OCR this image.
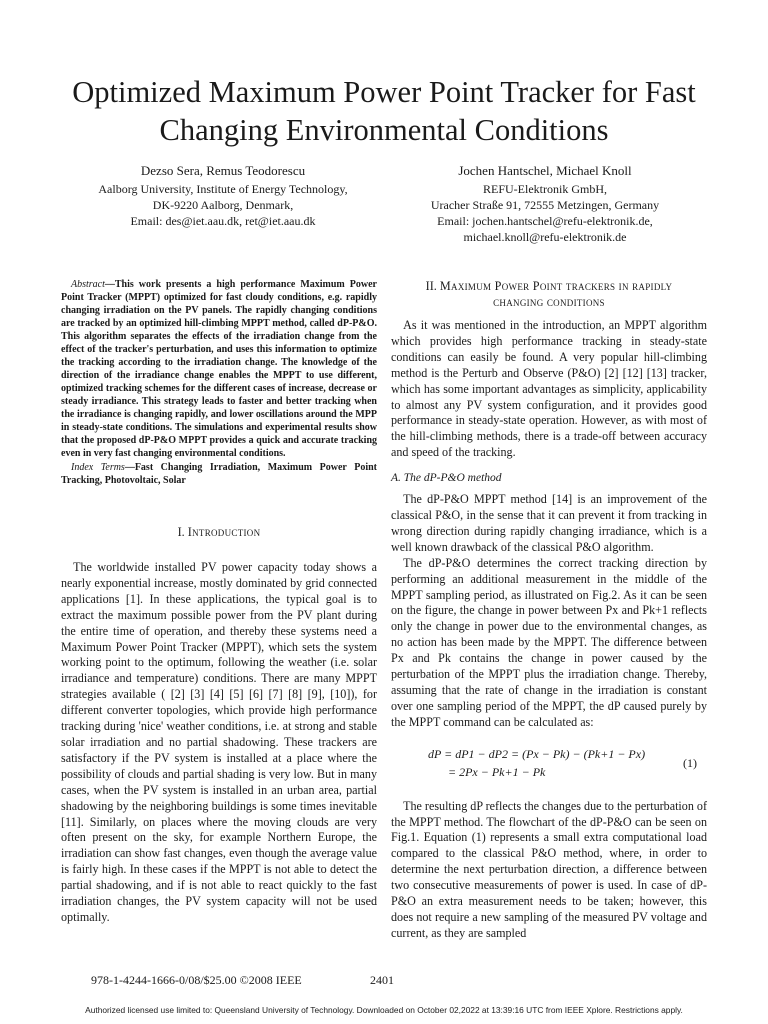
Optimized Maximum Power Point Tracker for Fast Changing Environmental Conditions
Dezso Sera, Remus Teodorescu
Aalborg University, Institute of Energy Technology,
DK-9220 Aalborg, Denmark,
Email: des@iet.aau.dk, ret@iet.aau.dk
Jochen Hantschel, Michael Knoll
REFU-Elektronik GmbH,
Uracher Straße 91, 72555 Metzingen, Germany
Email: jochen.hantschel@refu-elektronik.de,
michael.knoll@refu-elektronik.de

Abstract—This work presents a high performance Maximum Power Point Tracker (MPPT) optimized for fast cloudy conditions, e.g. rapidly changing irradiation on the PV panels. The rapidly changing conditions are tracked by an optimized hill-climbing MPPT method, called dP-P&O. This algorithm separates the effects of the irradiation change from the effect of the tracker's perturbation, and uses this information to optimize the tracking according to the irradiation change. The knowledge of the direction of the irradiance change enables the MPPT to use different, optimized tracking schemes for the different cases of increase, decrease or steady irradiance. This strategy leads to faster and better tracking when the irradiance is changing rapidly, and lower oscillations around the MPP in steady-state conditions. The simulations and experimental results show that the proposed dP-P&O MPPT provides a quick and accurate tracking even in very fast changing environmental conditions.

Index Terms—Fast Changing Irradiation, Maximum Power Point Tracking, Photovoltaic, Solar

I. Introduction

The worldwide installed PV power capacity today shows a nearly exponential increase, mostly dominated by grid connected applications [1]. In these applications, the typical goal is to extract the maximum possible power from the PV plant during the entire time of operation, and thereby these systems need a Maximum Power Point Tracker (MPPT), which sets the system working point to the optimum, following the weather (i.e. solar irradiance and temperature) conditions. There are many MPPT strategies available ( [2] [3] [4] [5] [6] [7] [8] [9], [10]), for different converter topologies, which provide high performance tracking during 'nice' weather conditions, i.e. at strong and stable solar irradiation and no partial shadowing. These trackers are satisfactory if the PV system is installed at a place where the possibility of clouds and partial shading is very low. But in many cases, when the PV system is installed in an urban area, partial shadowing by the neighboring buildings is some times inevitable [11]. Similarly, on places where the moving clouds are very often present on the sky, for example Northern Europe, the irradiation can show fast changes, even though the average value is fairly high. In these cases if the MPPT is not able to detect the partial shadowing, and if is not able to react quickly to the fast irradiation changes, the PV system capacity will not be used optimally.

II. Maximum Power Point trackers in rapidly
changing conditions

As it was mentioned in the introduction, an MPPT algorithm which provides high performance tracking in steady-state conditions can easily be found. A very popular hill-climbing method is the Perturb and Observe (P&O) [2] [12] [13] tracker, which has some important advantages as simplicity, applicability to almost any PV system configuration, and it provides good performance in steady-state operation. However, as with most of the hill-climbing methods, there is a trade-off between accuracy and speed of the tracking.

A. The dP-P&O method

The dP-P&O MPPT method [14] is an improvement of the classical P&O, in the sense that it can prevent it from tracking in wrong direction during rapidly changing irradiance, which is a well known drawback of the classical P&O algorithm.

The dP-P&O determines the correct tracking direction by performing an additional measurement in the middle of the MPPT sampling period, as illustrated on Fig.2. As it can be seen on the figure, the change in power between Px and Pk+1 reflects only the change in power due to the environmental changes, as no action has been made by the MPPT. The difference between Px and Pk contains the change in power caused by the perturbation of the MPPT plus the irradiation change. Thereby, assuming that the rate of change in the irradiation is constant over one sampling period of the MPPT, the dP caused purely by the MPPT command can be calculated as:

dP = dP1 − dP2 = (Px − Pk) − (Pk+1 − Px)
= 2Px − Pk+1 − Pk
(1)

The resulting dP reflects the changes due to the perturbation of the MPPT method. The flowchart of the dP-P&O can be seen on Fig.1. Equation (1) represents a small extra computational load compared to the classical P&O method, where, in order to determine the next perturbation direction, a difference between two consecutive measurements of power is used. In case of dP-P&O an extra measurement needs to be taken; however, this does not require a new sampling of the measured PV voltage and current, as they are sampled

978-1-4244-1666-0/08/$25.00 ©2008 IEEE	2401
Authorized licensed use limited to: Queensland University of Technology. Downloaded on October 02,2022 at 13:39:16 UTC from IEEE Xplore. Restrictions apply.
